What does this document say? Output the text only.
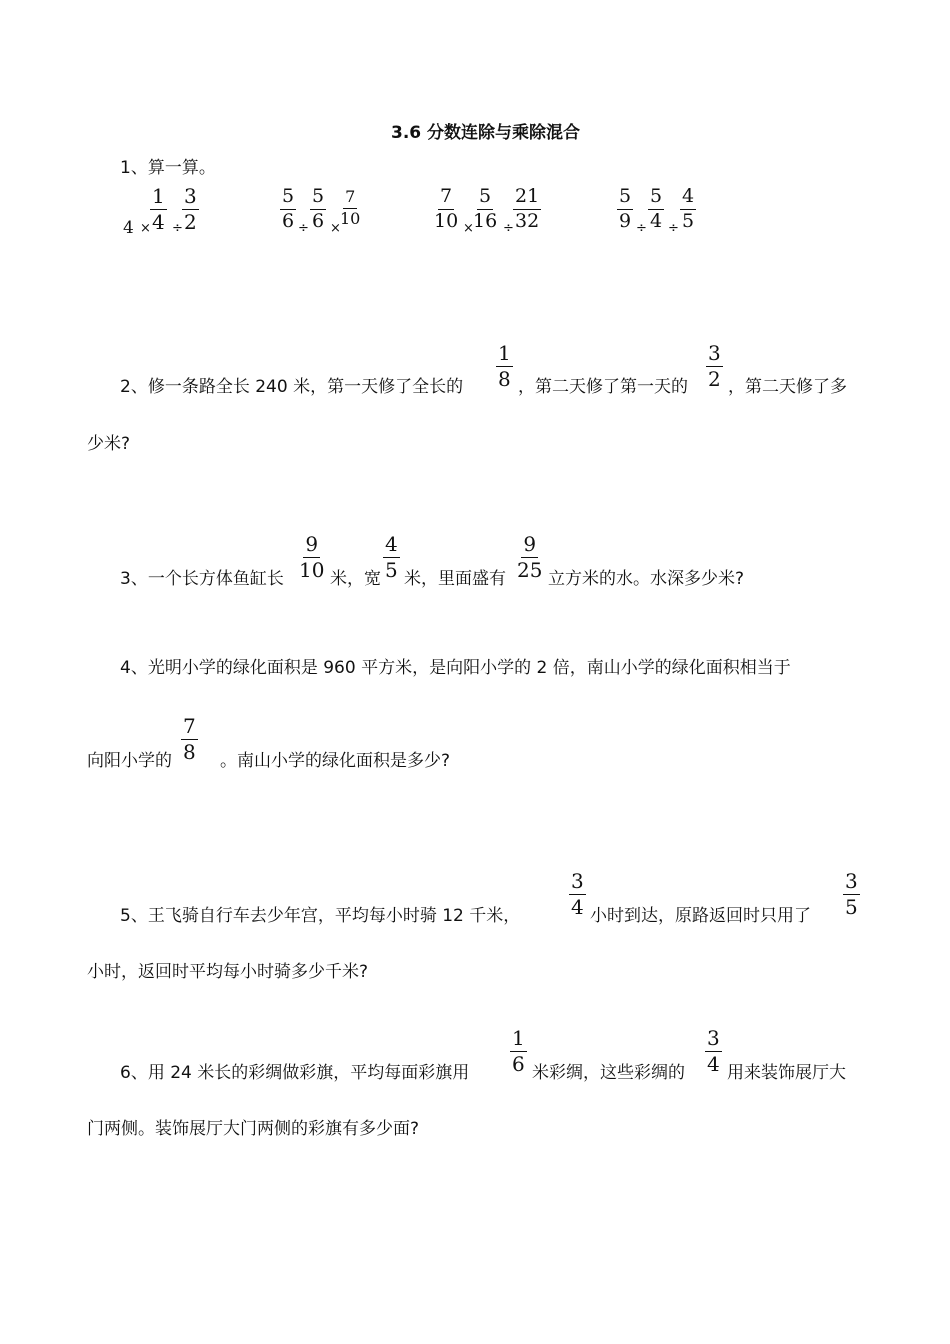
3.6 分数连除与乘除混合
1、算一算。
$4 \times \frac{1}{4} \div \frac{3}{2}$	$\frac{5}{6} \div \frac{5}{6}$ ×
$\frac{7}{10}$	$\frac{7}{10} \times \frac{5}{16} \div \frac{21}{32}$	$\frac{5}{9} \div \frac{5}{4} \div \frac{4}{5}$
2、修一条路全长 240 米，第一天修了全长的 $\frac{1}{8}$ ，第二天修了第一天的 $\frac{3}{2}$ ，第二天修了多
少米?
3、一个长方体鱼缸长 $\frac{9}{10}$ 米，宽 $\frac{4}{5}$ 米，里面盛有 $\frac{9}{25}$ 立方米的水。水深多少米?
4、光明小学的绿化面积是 960 平方米，是向阳小学的 2 倍，南山小学的绿化面积相当于
向阳小学的 $\frac{7}{8}$ 。南山小学的绿化面积是多少?
5、王飞骑自行车去少年宫，平均每小时骑 12 千米， $\frac{3}{4}$ 小时到达，原路返回时只用了 $\frac{3}{5}$
小时，返回时平均每小时骑多少千米?
6、用 24 米长的彩绸做彩旗，平均每面彩旗用 $\frac{1}{6}$ 米彩绸，这些彩绸的 $\frac{3}{4}$ 用来装饰展厅大
门两侧。装饰展厅大门两侧的彩旗有多少面?
